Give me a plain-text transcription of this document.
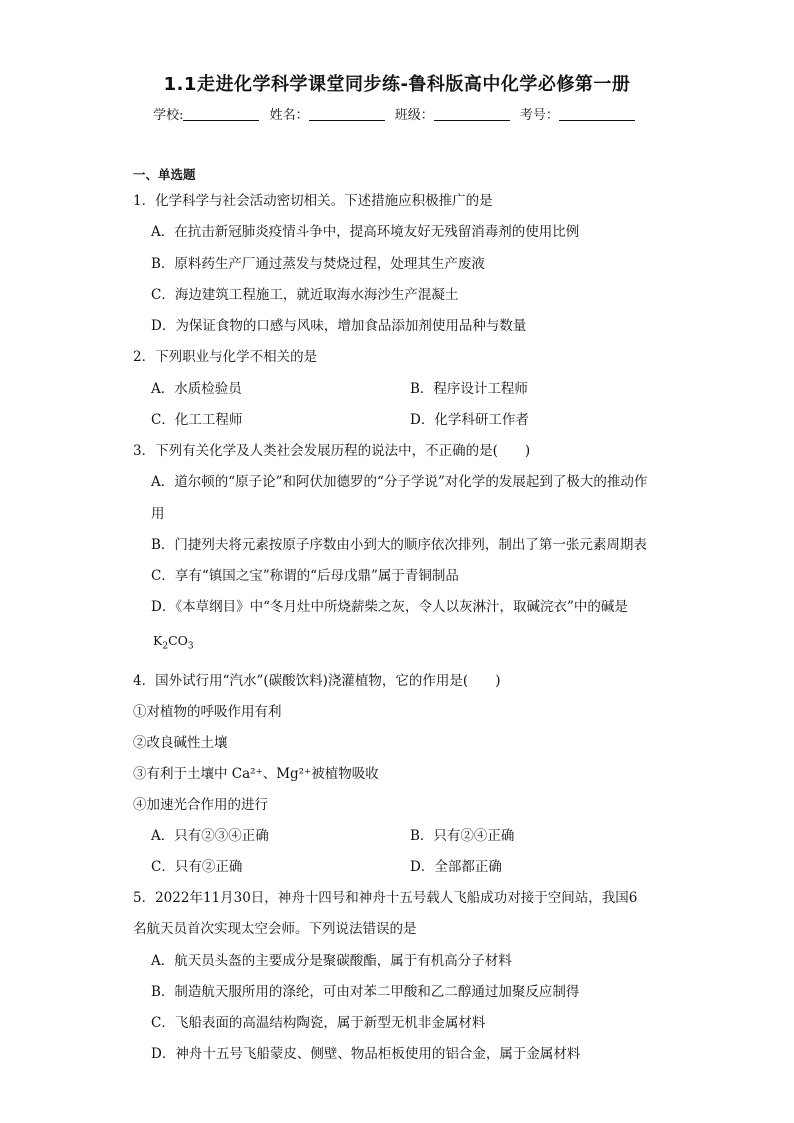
1.1走进化学科学课堂同步练-鲁科版高中化学必修第一册
学校:	姓名：	班级：	考号：
一、单选题
1．化学科学与社会活动密切相关。下述措施应积极推广的是
A．在抗击新冠肺炎疫情斗争中，提高环境友好无残留消毒剂的使用比例
B．原料药生产厂通过蒸发与焚烧过程，处理其生产废液
C．海边建筑工程施工，就近取海水海沙生产混凝土
D．为保证食物的口感与风味，增加食品添加剂使用品种与数量
2．下列职业与化学不相关的是
A．水质检验员	B．程序设计工程师
C．化工工程师	D．化学科研工作者
3．下列有关化学及人类社会发展历程的说法中，不正确的是(　　)
A．道尔顿的“原子论”和阿伏加德罗的“分子学说”对化学的发展起到了极大的推动作
用
B．门捷列夫将元素按原子序数由小到大的顺序依次排列，制出了第一张元素周期表
C．享有“镇国之宝”称谓的“后母戊鼎”属于青铜制品
D．《本草纲目》中“冬月灶中所烧薪柴之灰，令人以灰淋汁，取碱浣衣”中的碱是
$K_2CO_3$
4．国外试行用“汽水”(碳酸饮料)浇灌植物，它的作用是(　　)
①对植物的呼吸作用有利
②改良碱性土壤
③有利于土壤中 Ca²⁺、Mg²⁺被植物吸收
④加速光合作用的进行
A．只有②③④正确	B．只有②④正确
C．只有②正确	D．全部都正确
5．2022年11月30日，神舟十四号和神舟十五号载人飞船成功对接于空间站，我国6
名航天员首次实现太空会师。下列说法错误的是
A．航天员头盔的主要成分是聚碳酸酯，属于有机高分子材料
B．制造航天服所用的涤纶，可由对苯二甲酸和乙二醇通过加聚反应制得
C．飞船表面的高温结构陶瓷，属于新型无机非金属材料
D．神舟十五号飞船蒙皮、侧壁、物品柜板使用的铝合金，属于金属材料
